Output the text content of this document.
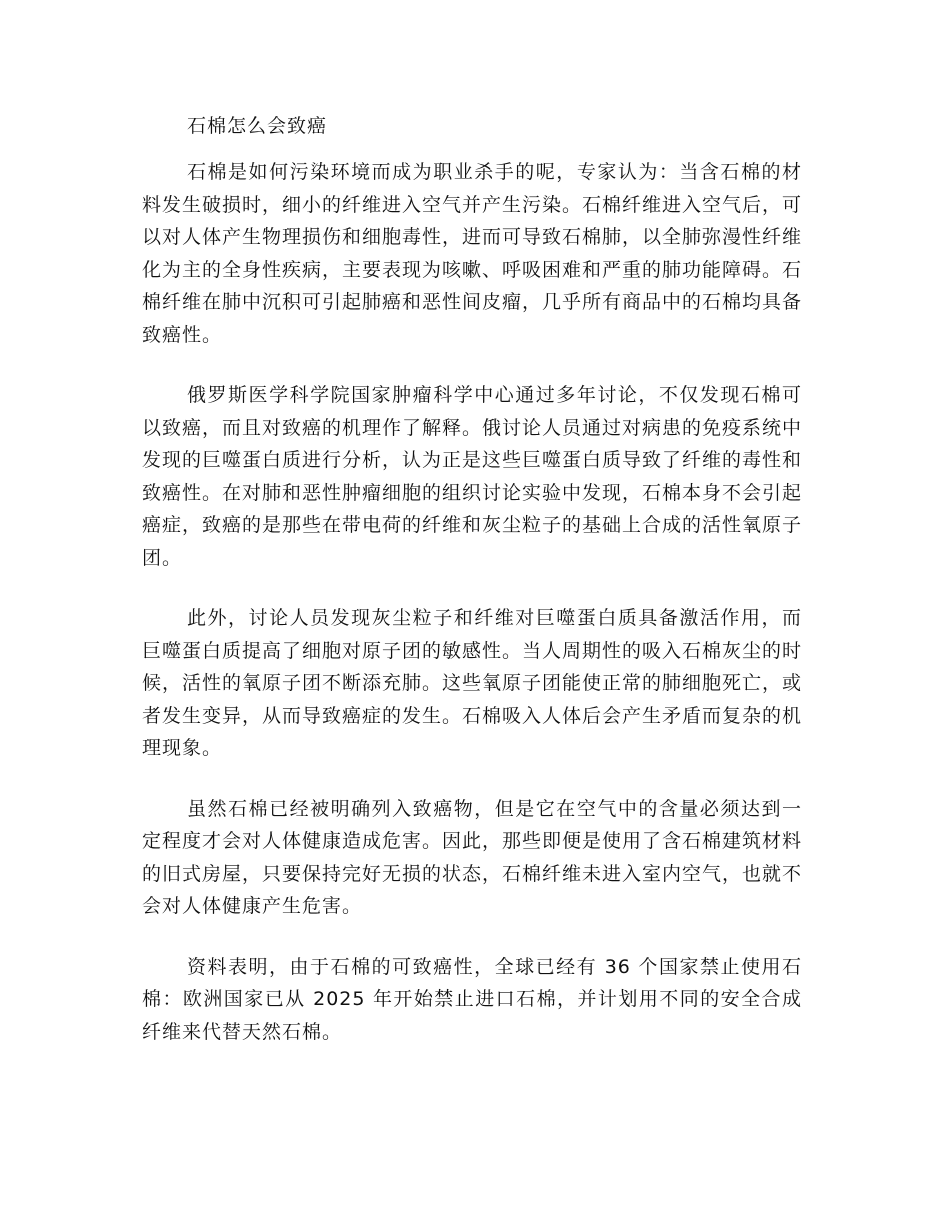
石棉怎么会致癌

石棉是如何污染环境而成为职业杀手的呢，专家认为：当含石棉的材料发生破损时，细小的纤维进入空气并产生污染。石棉纤维进入空气后，可以对人体产生物理损伤和细胞毒性，进而可导致石棉肺，以全肺弥漫性纤维化为主的全身性疾病，主要表现为咳嗽、呼吸困难和严重的肺功能障碍。石棉纤维在肺中沉积可引起肺癌和恶性间皮瘤，几乎所有商品中的石棉均具备致癌性。

俄罗斯医学科学院国家肿瘤科学中心通过多年讨论，不仅发现石棉可以致癌，而且对致癌的机理作了解释。俄讨论人员通过对病患的免疫系统中发现的巨噬蛋白质进行分析，认为正是这些巨噬蛋白质导致了纤维的毒性和致癌性。在对肺和恶性肿瘤细胞的组织讨论实验中发现，石棉本身不会引起癌症，致癌的是那些在带电荷的纤维和灰尘粒子的基础上合成的活性氧原子团。

此外，讨论人员发现灰尘粒子和纤维对巨噬蛋白质具备激活作用，而巨噬蛋白质提高了细胞对原子团的敏感性。当人周期性的吸入石棉灰尘的时候，活性的氧原子团不断添充肺。这些氧原子团能使正常的肺细胞死亡，或者发生变异，从而导致癌症的发生。石棉吸入人体后会产生矛盾而复杂的机理现象。

虽然石棉已经被明确列入致癌物，但是它在空气中的含量必须达到一定程度才会对人体健康造成危害。因此，那些即便是使用了含石棉建筑材料的旧式房屋，只要保持完好无损的状态，石棉纤维未进入室内空气，也就不会对人体健康产生危害。

资料表明，由于石棉的可致癌性，全球已经有 36 个国家禁止使用石棉：欧洲国家已从 2025 年开始禁止进口石棉，并计划用不同的安全合成纤维来代替天然石棉。
